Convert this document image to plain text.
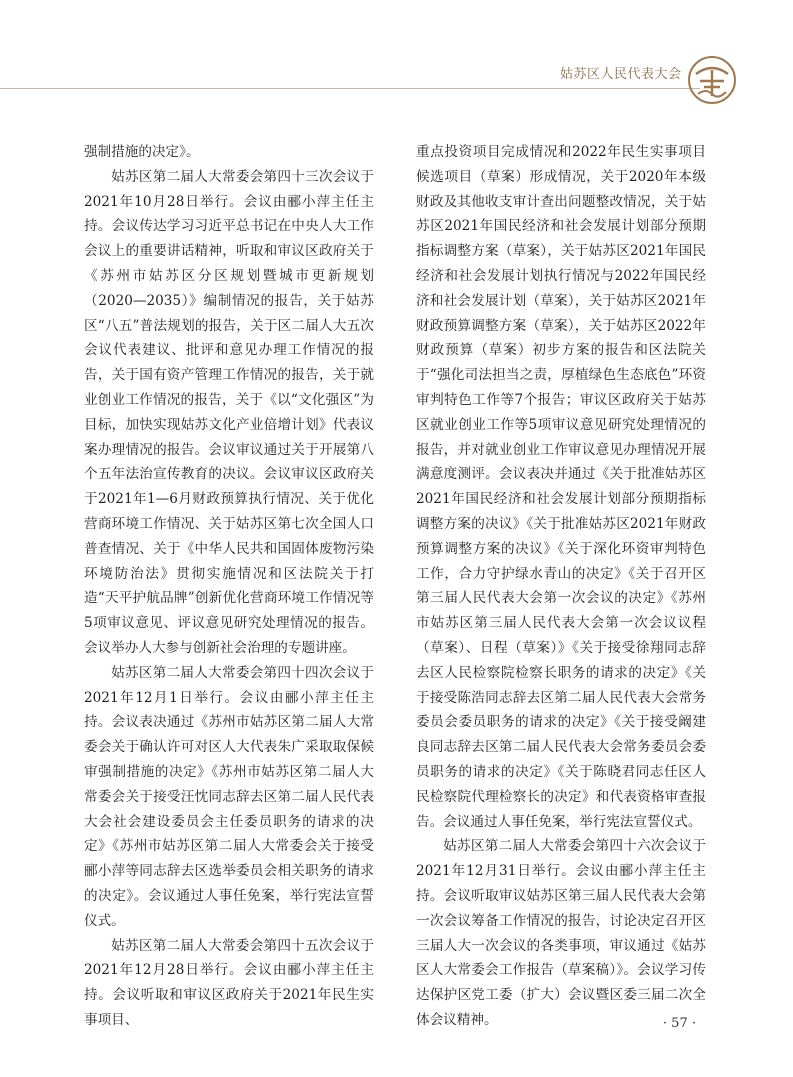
姑苏区人民代表大会

强制措施的决定》。

姑苏区第二届人大常委会第四十三次会议于2021年10月28日举行。会议由郦小萍主任主持。会议传达学习习近平总书记在中央人大工作会议上的重要讲话精神，听取和审议区政府关于《苏州市姑苏区分区规划暨城市更新规划（2020—2035）》编制情况的报告，关于姑苏区“八五”普法规划的报告，关于区二届人大五次会议代表建议、批评和意见办理工作情况的报告，关于国有资产管理工作情况的报告，关于就业创业工作情况的报告，关于《以“文化强区”为目标，加快实现姑苏文化产业倍增计划》代表议案办理情况的报告。会议审议通过关于开展第八个五年法治宣传教育的决议。会议审议区政府关于2021年1—6月财政预算执行情况、关于优化营商环境工作情况、关于姑苏区第七次全国人口普查情况、关于《中华人民共和国固体废物污染环境防治法》贯彻实施情况和区法院关于打造“天平护航品牌”创新优化营商环境工作情况等5项审议意见、评议意见研究处理情况的报告。会议举办人大参与创新社会治理的专题讲座。

姑苏区第二届人大常委会第四十四次会议于2021年12月1日举行。会议由郦小萍主任主持。会议表决通过《苏州市姑苏区第二届人大常委会关于确认许可对区人大代表朱广采取取保候审强制措施的决定》《苏州市姑苏区第二届人大常委会关于接受汪忱同志辞去区第二届人民代表大会社会建设委员会主任委员职务的请求的决定》《苏州市姑苏区第二届人大常委会关于接受郦小萍等同志辞去区选举委员会相关职务的请求的决定》。会议通过人事任免案，举行宪法宣誓仪式。

姑苏区第二届人大常委会第四十五次会议于2021年12月28日举行。会议由郦小萍主任主持。会议听取和审议区政府关于2021年民生实事项目、

重点投资项目完成情况和2022年民生实事项目候选项目（草案）形成情况，关于2020年本级财政及其他收支审计查出问题整改情况，关于姑苏区2021年国民经济和社会发展计划部分预期指标调整方案（草案），关于姑苏区2021年国民经济和社会发展计划执行情况与2022年国民经济和社会发展计划（草案），关于姑苏区2021年财政预算调整方案（草案），关于姑苏区2022年财政预算（草案）初步方案的报告和区法院关于“强化司法担当之责，厚植绿色生态底色”环资审判特色工作等7个报告；审议区政府关于姑苏区就业创业工作等5项审议意见研究处理情况的报告，并对就业创业工作审议意见办理情况开展满意度测评。会议表决并通过《关于批准姑苏区2021年国民经济和社会发展计划部分预期指标调整方案的决议》《关于批准姑苏区2021年财政预算调整方案的决议》《关于深化环资审判特色工作，合力守护绿水青山的决定》《关于召开区第三届人民代表大会第一次会议的决定》《苏州市姑苏区第三届人民代表大会第一次会议议程（草案）、日程（草案）》《关于接受徐翔同志辞去区人民检察院检察长职务的请求的决定》《关于接受陈浩同志辞去区第二届人民代表大会常务委员会委员职务的请求的决定》《关于接受阚建良同志辞去区第二届人民代表大会常务委员会委员职务的请求的决定》《关于陈晓君同志任区人民检察院代理检察长的决定》和代表资格审查报告。会议通过人事任免案，举行宪法宣誓仪式。

姑苏区第二届人大常委会第四十六次会议于2021年12月31日举行。会议由郦小萍主任主持。会议听取审议姑苏区第三届人民代表大会第一次会议筹备工作情况的报告，讨论决定召开区三届人大一次会议的各类事项，审议通过《姑苏区人大常委会工作报告（草案稿）》。会议学习传达保护区党工委（扩大）会议暨区委三届二次全体会议精神。	· 57 ·
